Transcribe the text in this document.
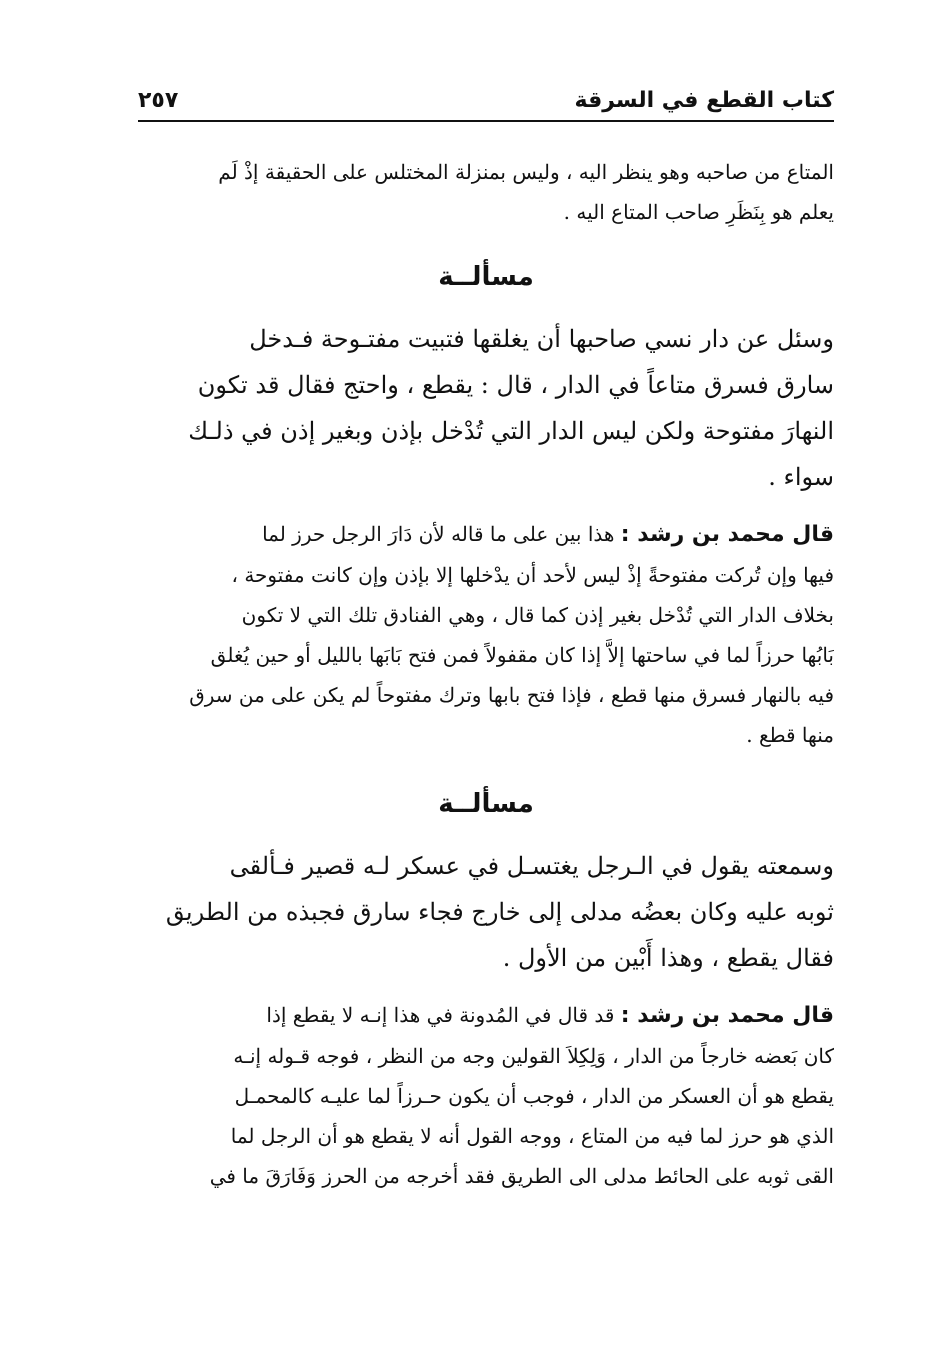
كتاب القطع في السرقة
٢٥٧
المتاع من صاحبه وهو ينظر اليه ، وليس بمنزلة المختلس على الحقيقة إذْ لَم
يعلم هو بِنَظَرِ صاحب المتاع اليه .
مسألــة
وسئل عن دار نسي صاحبها أن يغلقها فتبيت مفتـوحة فـدخل
سارق فسرق متاعاً في الدار ، قال : يقطع ، واحتج فقال قد تكون
النهارَ مفتوحة ولكن ليس الدار التي تُدْخل بإذن وبغير إذن في ذلـك
سواء .
قال محمد بن رشد : هذا بين على ما قاله لأن دَارَ الرجل حرز لما
فيها وإن تُركت مفتوحةً إذْ ليس لأحد أن يدْخلها إلا بإذن وإن كانت مفتوحة ،
بخلاف الدار التي تُدْخل بغير إذن كما قال ، وهي الفنادق تلك التي لا تكون
بَابُها حرزاً لما في ساحتها إلاَّ إذا كان مقفولاً فمن فتح بَابَها بالليل أو حين يُغلق
فيه بالنهار فسرق منها قطع ، فإذا فتح بابها وترك مفتوحاً لم يكن على من سرق
منها قطع .
مسألــة
وسمعته يقول في الـرجل يغتسـل في عسكر لـه قصير فـألقى
ثوبه عليه وكان بعضُه مدلى إلى خارج فجاء سارق فجبذه من الطريق
فقال يقطع ، وهذا أَبْين من الأول .
قال محمد بن رشد : قد قال في المُدونة في هذا إنـه لا يقطع إذا
كان بَعضه خارجاً من الدار ، وَلِكِلاَ القولين وجه من النظر ، فوجه قـوله إنـه
يقطع هو أن العسكر من الدار ، فوجب أن يكون حـرزاً لما عليـه كالمحمـل
الذي هو حرز لما فيه من المتاع ، ووجه القول أنه لا يقطع هو أن الرجل لما
القى ثوبه على الحائط مدلى الى الطريق فقد أخرجه من الحرز وَفَارَقَ ما في
